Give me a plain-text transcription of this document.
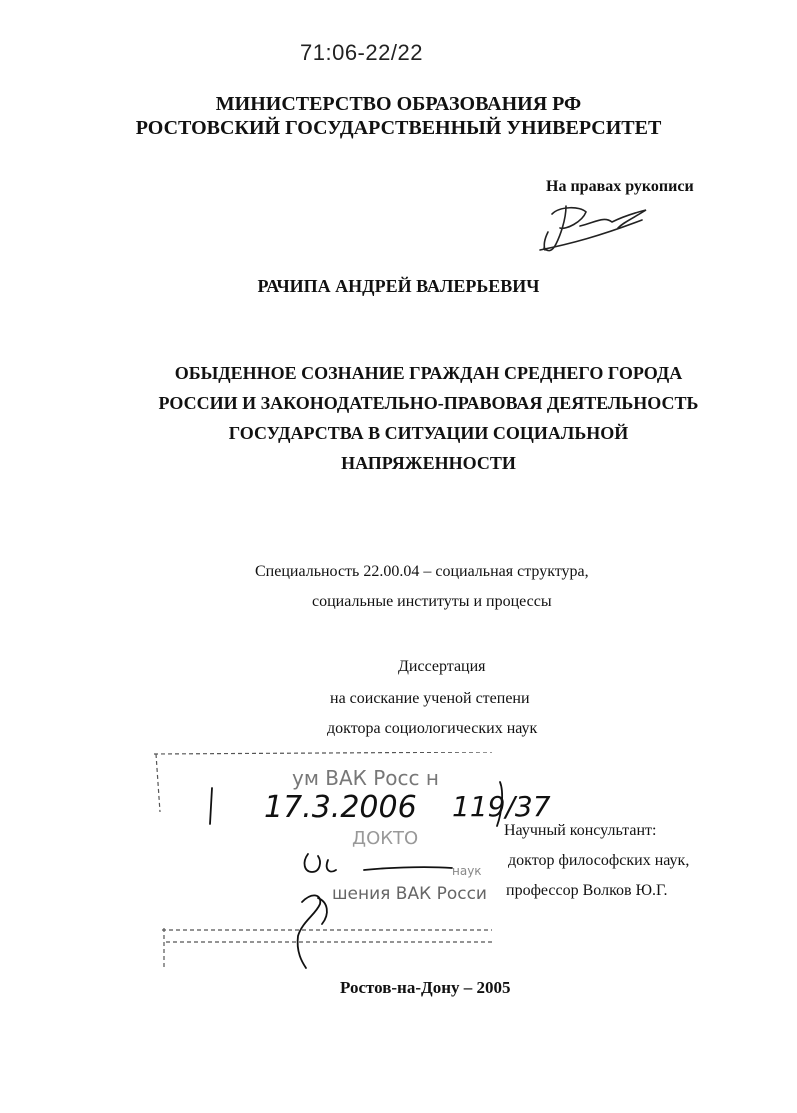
71:06-22/22
МИНИСТЕРСТВО ОБРАЗОВАНИЯ РФ
РОСТОВСКИЙ ГОСУДАРСТВЕННЫЙ УНИВЕРСИТЕТ
На правах рукописи
РАЧИПА АНДРЕЙ ВАЛЕРЬЕВИЧ
ОБЫДЕННОЕ СОЗНАНИЕ ГРАЖДАН СРЕДНЕГО ГОРОДА
РОССИИ И ЗАКОНОДАТЕЛЬНО-ПРАВОВАЯ ДЕЯТЕЛЬНОСТЬ
ГОСУДАРСТВА В СИТУАЦИИ СОЦИАЛЬНОЙ
НАПРЯЖЕННОСТИ
Специальность 22.00.04 – социальная структура,
социальные институты и процессы
Диссертация
на соискание ученой степени
доктора социологических наук
ум ВАК Росс н
17.3.2006 119/37
ДОКТО
наук
шения ВАК Росси
Научный консультант:
доктор философских наук,
профессор Волков Ю.Г.
Ростов-на-Дону – 2005
